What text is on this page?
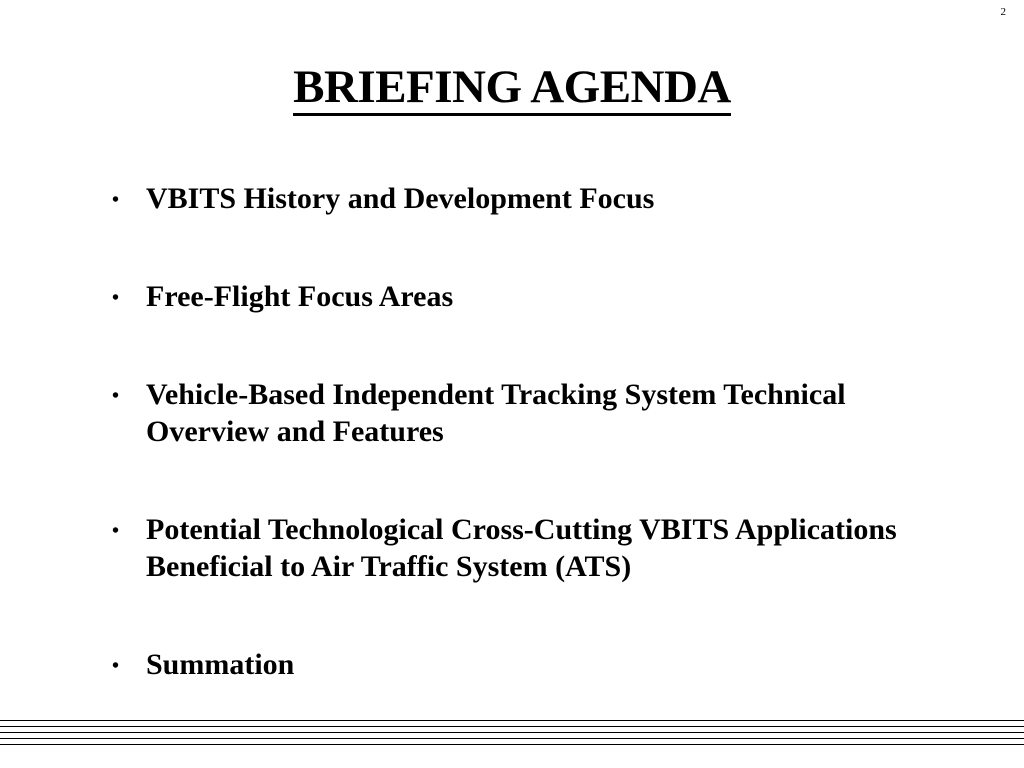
2
BRIEFING AGENDA
• VBITS History and Development Focus
• Free-Flight Focus Areas
• Vehicle-Based Independent Tracking System Technical Overview and Features
• Potential Technological Cross-Cutting VBITS Applications Beneficial to Air Traffic System (ATS)
• Summation
